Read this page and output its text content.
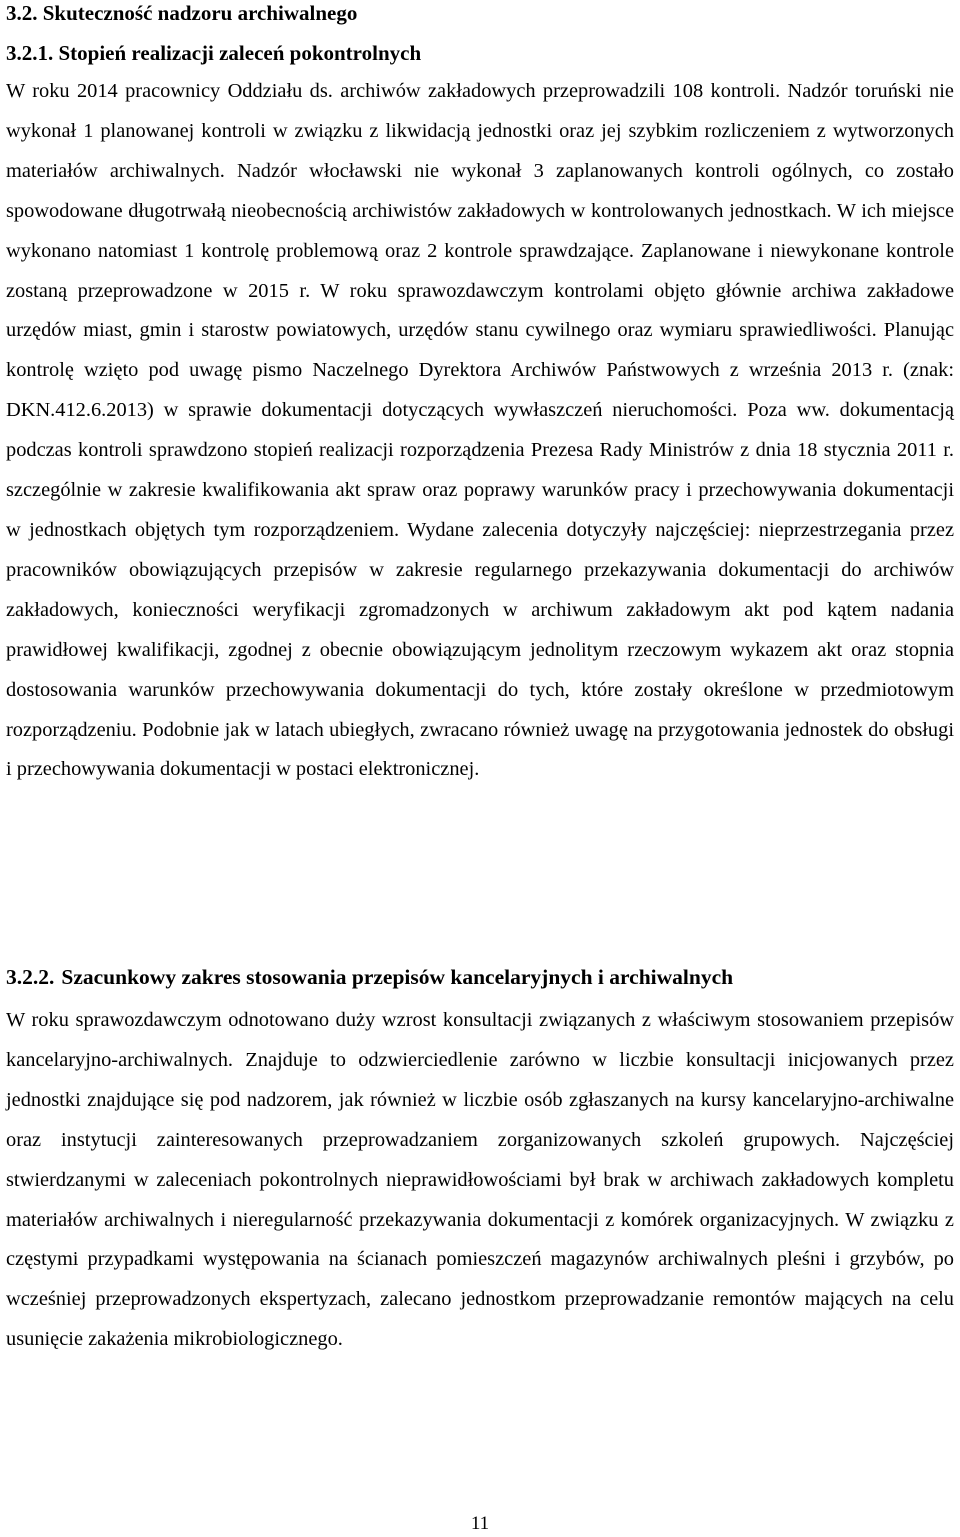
3.2. Skuteczność nadzoru archiwalnego
3.2.1. Stopień realizacji zaleceń pokontrolnych

W roku 2014 pracownicy Oddziału ds. archiwów zakładowych przeprowadzili 108 kontroli. Nadzór toruński nie wykonał 1 planowanej kontroli w związku z likwidacją jednostki oraz jej szybkim rozliczeniem z wytworzonych materiałów archiwalnych. Nadzór włocławski nie wykonał 3 zaplanowanych kontroli ogólnych, co zostało spowodowane długotrwałą nieobecnością archiwistów zakładowych w kontrolowanych jednostkach. W ich miejsce wykonano natomiast 1 kontrolę problemową oraz 2 kontrole sprawdzające. Zaplanowane i niewykonane kontrole zostaną przeprowadzone w 2015 r. W roku sprawozdawczym kontrolami objęto głównie archiwa zakładowe urzędów miast, gmin i starostw powiatowych, urzędów stanu cywilnego oraz wymiaru sprawiedliwości. Planując kontrolę wzięto pod uwagę pismo Naczelnego Dyrektora Archiwów Państwowych z września 2013 r. (znak: DKN.412.6.2013) w sprawie dokumentacji dotyczących wywłaszczeń nieruchomości. Poza ww. dokumentacją podczas kontroli sprawdzono stopień realizacji rozporządzenia Prezesa Rady Ministrów z dnia 18 stycznia 2011 r. szczególnie w zakresie kwalifikowania akt spraw oraz poprawy warunków pracy i przechowywania dokumentacji w jednostkach objętych tym rozporządzeniem. Wydane zalecenia dotyczyły najczęściej: nieprzestrzegania przez pracowników obowiązujących przepisów w zakresie regularnego przekazywania dokumentacji do archiwów zakładowych, konieczności weryfikacji zgromadzonych w archiwum zakładowym akt pod kątem nadania prawidłowej kwalifikacji, zgodnej z obecnie obowiązującym jednolitym rzeczowym wykazem akt oraz stopnia dostosowania warunków przechowywania dokumentacji do tych, które zostały określone w przedmiotowym rozporządzeniu. Podobnie jak w latach ubiegłych, zwracano również uwagę na przygotowania jednostek do obsługi i przechowywania dokumentacji w postaci elektronicznej.

3.2.2. Szacunkowy zakres stosowania przepisów kancelaryjnych i archiwalnych

W roku sprawozdawczym odnotowano duży wzrost konsultacji związanych z właściwym stosowaniem przepisów kancelaryjno-archiwalnych. Znajduje to odzwierciedlenie zarówno w liczbie konsultacji inicjowanych przez jednostki znajdujące się pod nadzorem, jak również w liczbie osób zgłaszanych na kursy kancelaryjno-archiwalne oraz instytucji zainteresowanych przeprowadzaniem zorganizowanych szkoleń grupowych. Najczęściej stwierdzanymi w zaleceniach pokontrolnych nieprawidłowościami był brak w archiwach zakładowych kompletu materiałów archiwalnych i nieregularność przekazywania dokumentacji z komórek organizacyjnych. W związku z częstymi przypadkami występowania na ścianach pomieszczeń magazynów archiwalnych pleśni i grzybów, po wcześniej przeprowadzonych ekspertyzach, zalecano jednostkom przeprowadzanie remontów mających na celu usunięcie zakażenia mikrobiologicznego.

11
